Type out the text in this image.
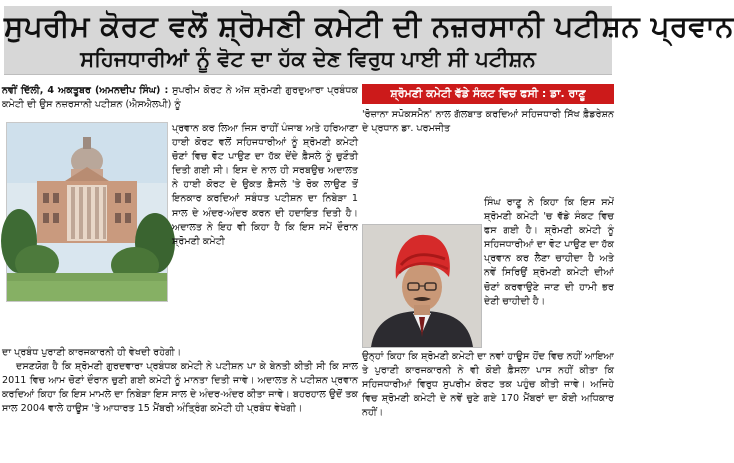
ਸੁਪਰੀਮ ਕੋਰਟ ਵਲੋਂ ਸ਼੍ਰੋਮਣੀ ਕਮੇਟੀ ਦੀ ਨਜ਼ਰਸਾਨੀ ਪਟੀਸ਼ਨ ਪ੍ਰਵਾਨ
ਸਹਿਜਧਾਰੀਆਂ ਨੂੰ ਵੋਟ ਦਾ ਹੱਕ ਦੇਣ ਵਿਰੁਧ ਪਾਈ ਸੀ ਪਟੀਸ਼ਨ
ਨਵੀਂ ਦਿੱਲੀ, 4 ਅਕਤੂਬਰ (ਅਮਨਦੀਪ ਸਿੰਘ) : ਸੁਪਰੀਮ ਕੋਰਟ ਨੇ ਅੱਜ ਸ਼੍ਰੋਮਣੀ ਗੁਰਦੁਆਰਾ ਪ੍ਰਬੰਧਕ ਕਮੇਟੀ ਦੀ ਉਸ ਨਜ਼ਰਸਾਨੀ ਪਟੀਸ਼ਨ (ਐਸਐਲਪੀ) ਨੂੰ
ਪ੍ਰਵਾਨ ਕਰ ਲਿਆ ਜਿਸ ਰਾਹੀਂ ਪੰਜਾਬ ਅਤੇ ਹਰਿਆਣਾ ਹਾਈ ਕੋਰਟ ਵਲੋਂ ਸਹਿਜਧਾਰੀਆਂ ਨੂੰ ਸ਼੍ਰੋਮਣੀ ਕਮੇਟੀ ਚੋਣਾਂ ਵਿਚ ਵੋਟ ਪਾਉਣ ਦਾ ਹੱਕ ਦੇਂਦੇ ਫ਼ੈਸਲੇ ਨੂੰ ਚੁਣੌਤੀ ਦਿਤੀ ਗਈ ਸੀ। ਇਸ ਦੇ ਨਾਲ ਹੀ ਸਰਬਉਚ ਅਦਾਲਤ ਨੇ ਹਾਈ ਕੋਰਟ ਦੇ ਉਕਤ ਫ਼ੈਸਲੇ 'ਤੇ ਰੋਕ ਲਾਉਣ ਤੋਂ ਇਨਕਾਰ ਕਰਦਿਆਂ ਸਬੰਧਤ ਪਟੀਸ਼ਨ ਦਾ ਨਿਬੇੜਾ 1 ਸਾਲ ਦੇ ਅੰਦਰ-ਅੰਦਰ ਕਰਨ ਦੀ ਹਦਾਇਤ ਦਿਤੀ ਹੈ। ਅਦਾਲਤ ਨੇ ਇਹ ਵੀ ਕਿਹਾ ਹੈ ਕਿ ਇਸ ਸਮੇਂ ਦੌਰਾਨ ਸ਼੍ਰੋਮਣੀ ਕਮੇਟੀ
ਦਾ ਪ੍ਰਬੰਧ ਪੁਰਾਣੀ ਕਾਰਜਕਾਰਨੀ ਹੀ ਵੇਖਦੀ ਰਹੇਗੀ।
ਦਸਣਯੋਗ ਹੈ ਕਿ ਸ਼੍ਰੋਮਣੀ ਗੁਰਦਵਾਰਾ ਪ੍ਰਬੰਧਕ ਕਮੇਟੀ ਨੇ ਪਟੀਸ਼ਨ ਪਾ ਕੇ ਬੇਨਤੀ ਕੀਤੀ ਸੀ ਕਿ ਸਾਲ 2011 ਵਿਚ ਆਮ ਚੋਣਾਂ ਦੌਰਾਨ ਚੁਣੀ ਗਈ ਕਮੇਟੀ ਨੂੰ ਮਾਨਤਾ ਦਿਤੀ ਜਾਵੇ। ਅਦਾਲਤ ਨੇ ਪਟੀਸ਼ਨ ਪ੍ਰਵਾਨ ਕਰਦਿਆਂ ਕਿਹਾ ਕਿ ਇਸ ਮਾਮਲੇ ਦਾ ਨਿਬੇੜਾ ਇਸ ਸਾਲ ਦੇ ਅੰਦਰ-ਅੰਦਰ ਕੀਤਾ ਜਾਵੇ। ਬਹਰਹਾਲ ਉਦੋਂ ਤਕ ਸਾਲ 2004 ਵਾਲੇ ਹਾਊਸ 'ਤੇ ਆਧਾਰਤ 15 ਮੈਂਬਰੀ ਅੰਤ੍ਰਿੰਗ ਕਮੇਟੀ ਹੀ ਪ੍ਰਬੰਧ ਵੇਖੇਗੀ।
ਸ਼੍ਰੋਮਣੀ ਕਮੇਟੀ ਵੱਡੇ ਸੰਕਟ ਵਿਚ ਫਸੀ : ਡਾ. ਰਾਣੂ
'ਰੋਜ਼ਾਨਾ ਸਪੋਕਸਮੈਨ' ਨਾਲ ਗੱਲਬਾਤ ਕਰਦਿਆਂ ਸਹਿਜਧਾਰੀ ਸਿੱਖ ਫ਼ੈਡਰੇਸ਼ਨ ਦੇ ਪ੍ਰਧਾਨ ਡਾ. ਪਰਮਜੀਤ
ਸਿੰਘ ਰਾਣੂ ਨੇ ਕਿਹਾ ਕਿ ਇਸ ਸਮੇਂ ਸ਼੍ਰੋਮਣੀ ਕਮੇਟੀ 'ਚ ਵੱਡੇ ਸੰਕਟ ਵਿਚ ਫਸ ਗਈ ਹੈ। ਸ਼੍ਰੋਮਣੀ ਕਮੇਟੀ ਨੂੰ ਸਹਿਜਧਾਰੀਆਂ ਦਾ ਵੋਟ ਪਾਉਣ ਦਾ ਹੱਕ ਪ੍ਰਵਾਨ ਕਰ ਲੈਣਾ ਚਾਹੀਦਾ ਹੈ ਅਤੇ ਨਵੇਂ ਸਿਰਿਉਂ ਸ਼੍ਰੋਮਣੀ ਕਮੇਟੀ ਦੀਆਂ ਚੋਣਾਂ ਕਰਵਾਉਣੇ ਜਾਣ ਦੀ ਹਾਮੀ ਭਰ ਦੇਣੀ ਚਾਹੀਦੀ ਹੈ।
ਉਨ੍ਹਾਂ ਕਿਹਾ ਕਿ ਸ਼੍ਰੋਮਣੀ ਕਮੇਟੀ ਦਾ ਨਵਾਂ ਹਾਊਸ ਹੋਂਦ ਵਿਚ ਨਹੀਂ ਆਇਆ ਤੇ ਪੁਰਾਣੀ ਕਾਰਜਕਾਰਨੀ ਨੇ ਵੀ ਕੋਈ ਫ਼ੈਸਲਾ ਪਾਸ ਨਹੀਂ ਕੀਤਾ ਕਿ ਸਹਿਜਧਾਰੀਆਂ ਵਿਰੁਧ ਸੁਪਰੀਮ ਕੋਰਟ ਤਕ ਪਹੁੰਚ ਕੀਤੀ ਜਾਵੇ। ਅਜਿਹੇ ਵਿਚ ਸ਼੍ਰੋਮਣੀ ਕਮੇਟੀ ਦੇ ਨਵੇਂ ਚੁਣੇ ਗਏ 170 ਮੈਂਬਰਾਂ ਦਾ ਕੋਈ ਅਧਿਕਾਰ ਨਹੀਂ।
